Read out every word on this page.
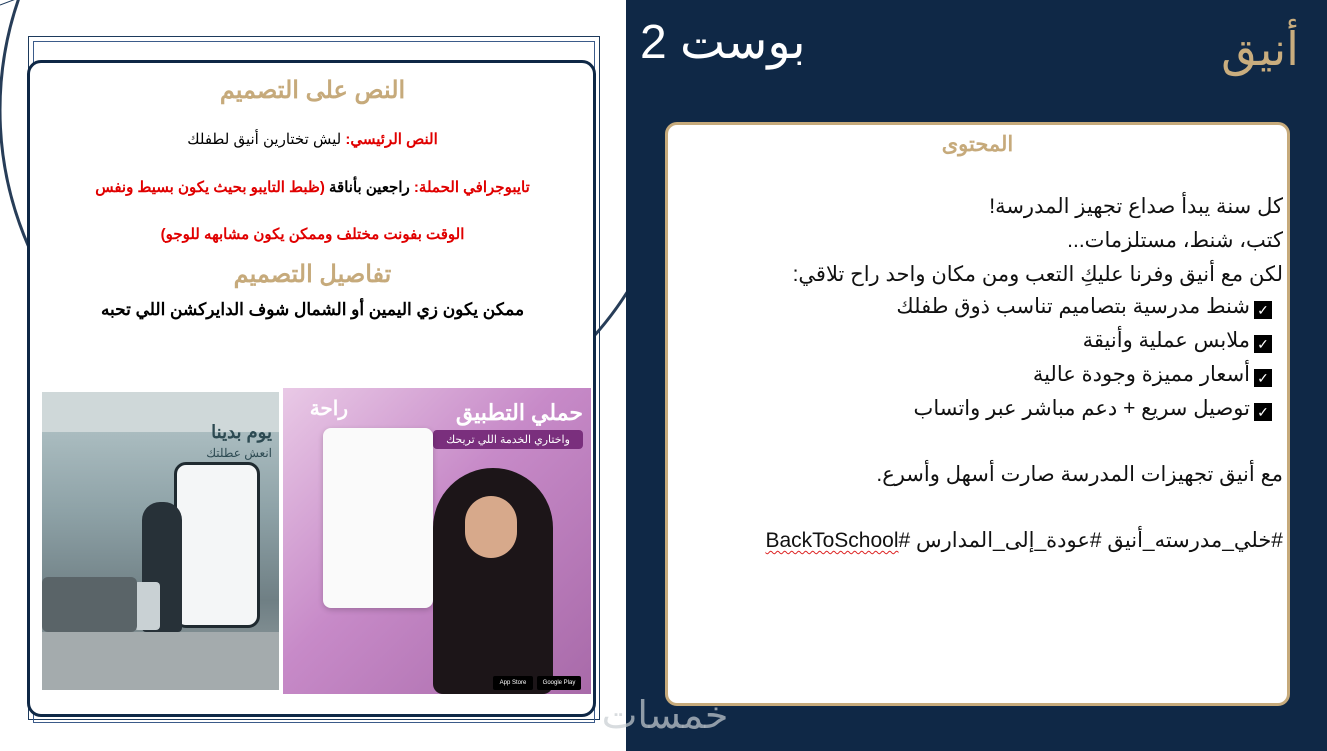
النص على التصميم
النص الرئيسي: ليش تختارين أنيق لطفلك
تايبوجرافي الحملة: راجعين بأناقة (ظبط التايبو بحيث يكون بسيط ونفس
الوقت بفونت مختلف وممكن يكون مشابهه للوجو)
تفاصيل التصميم
ممكن يكون زي اليمين أو الشمال شوف الدايركشن اللي تحبه
يوم بدينا
انعش عطلتك
راحة	حملي التطبيق
واختاري الخدمة اللي تريحك
App Store	Google Play
بوست 2	أنيق
المحتوى
كل سنة يبدأ صداع تجهيز المدرسة!
كتب، شنط، مستلزمات...
لكن مع أنيق وفرنا عليكِ التعب ومن مكان واحد راح تلاقي:
✓شنط مدرسية بتصاميم تناسب ذوق طفلك
✓ملابس عملية وأنيقة
✓أسعار مميزة وجودة عالية
✓توصيل سريع + دعم مباشر عبر واتساب
مع أنيق تجهيزات المدرسة صارت أسهل وأسرع.
#خلي_مدرسته_أنيق #عودة_إلى_المدارس #BackToSchool
خمسات
